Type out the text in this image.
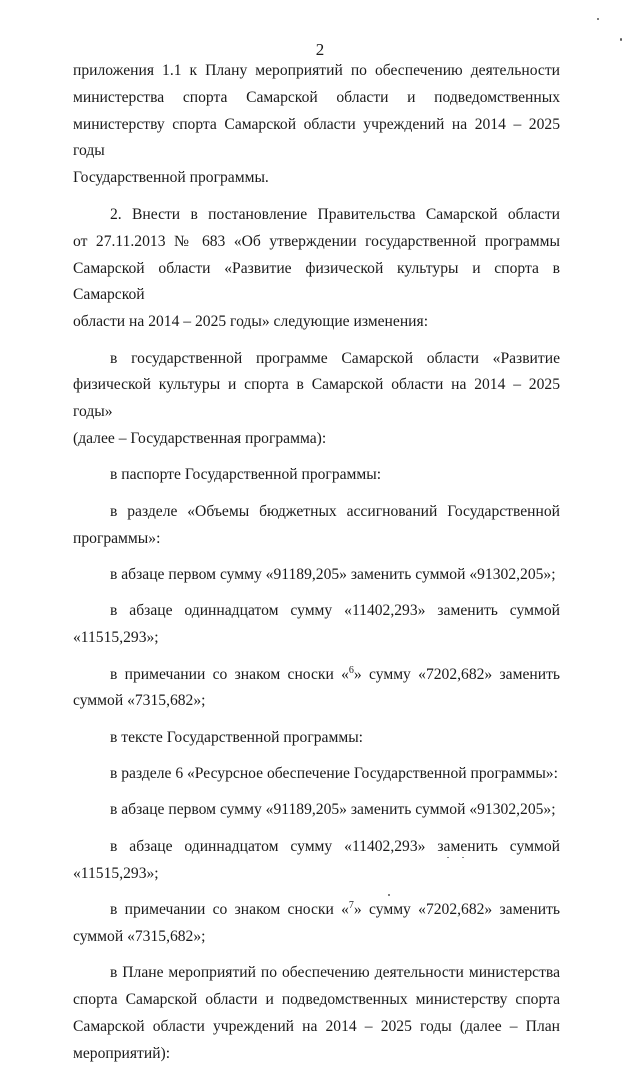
2
приложения 1.1 к Плану мероприятий по обеспечению деятельности
министерства спорта Самарской области и подведомственных
министерству спорта Самарской области учреждений на 2014 – 2025 годы
Государственной программы.
2. Внести в постановление Правительства Самарской области
от 27.11.2013 № 683 «Об утверждении государственной программы
Самарской области «Развитие физической культуры и спорта в Самарской
области на 2014 – 2025 годы» следующие изменения:
в государственной программе Самарской области «Развитие
физической культуры и спорта в Самарской области на 2014 – 2025 годы»
(далее – Государственная программа):
в паспорте Государственной программы:
в разделе «Объемы бюджетных ассигнований Государственной
программы»:
в абзаце первом сумму «91189,205» заменить суммой «91302,205»;
в абзаце одиннадцатом сумму «11402,293» заменить суммой
«11515,293»;
в примечании со знаком сноски «$^6$» сумму «7202,682» заменить
суммой «7315,682»;
в тексте Государственной программы:
в разделе 6 «Ресурсное обеспечение Государственной программы»:
в абзаце первом сумму «91189,205» заменить суммой «91302,205»;
в абзаце одиннадцатом сумму «11402,293» заменить суммой
«11515,293»;
в примечании со знаком сноски «$^7$» сумму «7202,682» заменить
суммой «7315,682»;
в Плане мероприятий по обеспечению деятельности министерства
спорта Самарской области и подведомственных министерству спорта
Самарской области учреждений на 2014 – 2025 годы (далее – План
мероприятий):
